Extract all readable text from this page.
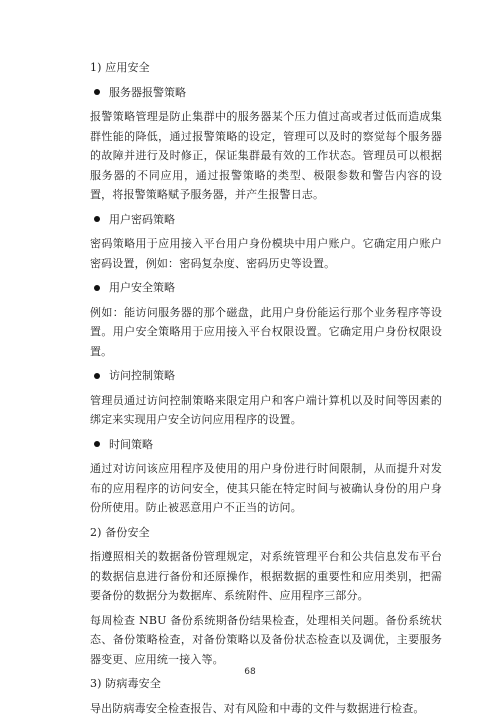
1) 应用安全
服务器报警策略
报警策略管理是防止集群中的服务器某个压力值过高或者过低而造成集群性能的降低，通过报警策略的设定，管理可以及时的察觉每个服务器的故障并进行及时修正，保证集群最有效的工作状态。管理员可以根据服务器的不同应用，通过报警策略的类型、极限参数和警告内容的设置，将报警策略赋予服务器，并产生报警日志。
用户密码策略
密码策略用于应用接入平台用户身份模块中用户账户。它确定用户账户密码设置，例如：密码复杂度、密码历史等设置。
用户安全策略
例如：能访问服务器的那个磁盘，此用户身份能运行那个业务程序等设置。用户安全策略用于应用接入平台权限设置。它确定用户身份权限设置。
访问控制策略
管理员通过访问控制策略来限定用户和客户端计算机以及时间等因素的绑定来实现用户安全访问应用程序的设置。
时间策略
通过对访问该应用程序及使用的用户身份进行时间限制，从而提升对发布的应用程序的访问安全，使其只能在特定时间与被确认身份的用户身份所使用。防止被恶意用户不正当的访问。
2) 备份安全
指遵照相关的数据备份管理规定，对系统管理平台和公共信息发布平台的数据信息进行备份和还原操作，根据数据的重要性和应用类别，把需要备份的数据分为数据库、系统附件、应用程序三部分。
每周检查 NBU 备份系统期备份结果检查，处理相关问题。备份系统状态、备份策略检查，对备份策略以及备份状态检查以及调优，主要服务器变更、应用统一接入等。
3) 防病毒安全
导出防病毒安全检查报告、对有风险和中毒的文件与数据进行检查。
68
